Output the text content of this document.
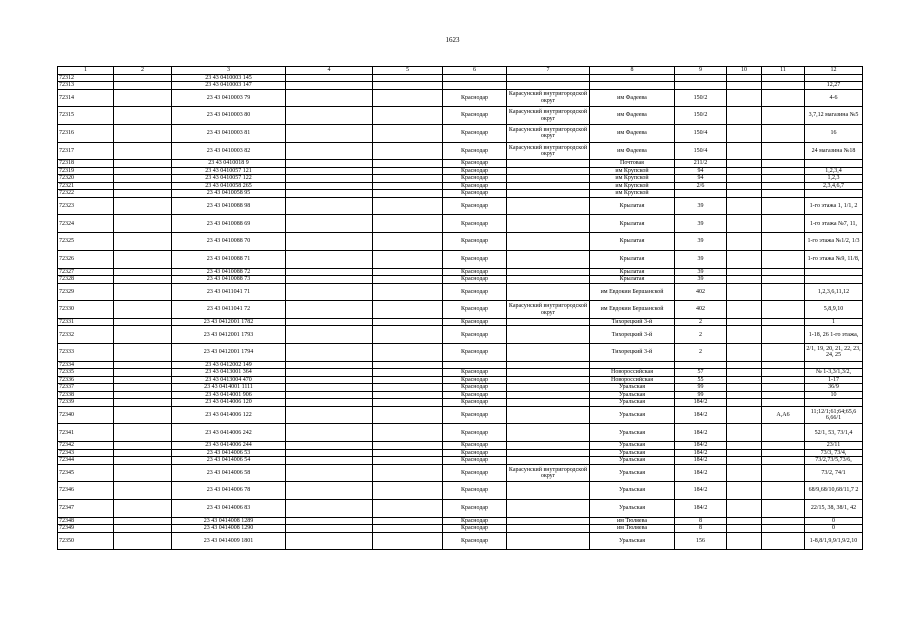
1623
1	2	3	4	5	6	7	8	9	10	11	12
72312		23 43 0410003 145									
72313		23 43 0410003 147									12,27
72314		23 43 0410003 79			Краснодар	Карасунский внутригородской округ	им Фадеева	150/2			4-6
72315		23 43 0410003 80			Краснодар	Карасунский внутригородской округ	им Фадеева	150/2			3,7,12 магазина №5
72316		23 43 0410003 81			Краснодар	Карасунский внутригородской округ	им Фадеева	150/4			16
72317		23 43 0410003 82			Краснодар	Карасунский внутригородской округ	им Фадеева	150/4			24 магазина №18
72318		23 43 0410018 9			Краснодар		Почтовая	211/2			
72319		23 43 0410057 121			Краснодар		им Крупской	94			1,2,3,4
72320		23 43 0410057 122			Краснодар		им Крупской	94			1,2,3
72321		23 43 0410058 265			Краснодар		им Крупской	2/6			2,3,4,6,7
72322		23 43 0410058 95			Краснодар		им Крупской				
72323		23 43 0410088 98			Краснодар		Крылатая	39			1-го этажа 1, 1/1, 2
72324		23 43 0410088 69			Краснодар		Крылатая	39			1-го этажа №7, 11,
72325		23 43 0410088 70			Краснодар		Крылатая	39			1-го этажа №1/2, 1/3
72326		23 43 0410088 71			Краснодар		Крылатая	39			1-го этажа №9, 11/8,
72327		23 43 0410088 72			Краснодар		Крылатая	39			
72328		23 43 0410088 73			Краснодар		Крылатая	39			
72329		23 43 0411041 71			Краснодар		им Евдокии Бершанской	402			1,2,3,6,11,12
72330		23 43 0411041 72			Краснодар	Карасунский внутригородской округ	им Евдокии Бершанской	402			5,8,9,10
72331		23 43 0412001 1782			Краснодар		Тихорецкий 3-й	2			1
72332		23 43 0412001 1793			Краснодар		Тихорецкий 3-й	2			1-18, 26 1-го этажа,
72333		23 43 0412001 1794			Краснодар		Тихорецкий 3-й	2			2/1, 19, 20, 21, 22, 23, 24, 25
72334		23 43 0412002 149									
72335		23 43 0413001 364			Краснодар		Новороссийская	57			№ 1-3,3/1,3/2,
72336		23 43 0413004 470			Краснодар		Новороссийская	55			1-17
72337		23 43 0414001 1111			Краснодар		Уральская	99			36/9
72338		23 43 0414001 906			Краснодар		Уральская	99			10
72339		23 43 0414006 120			Краснодар		Уральская	184/2			
72340		23 43 0414006 122			Краснодар		Уральская	184/2		А,А6	11;12/1;61;64;65,6 6,66/1
72341		23 43 0414006 242			Краснодар		Уральская	184/2			52/1, 53, 73/1,4
72342		23 43 0414006 244			Краснодар		Уральская	184/2			23/11
72343		23 43 0414006 53			Краснодар		Уральская	184/2			73/3, 73/4,
72344		23 43 0414006 54			Краснодар		Уральская	184/2			73/2,73/5,73/6,
72345		23 43 0414006 58			Краснодар	Карасунский внутригородской округ	Уральская	184/2			73/2, 74/1
72346		23 43 0414006 78			Краснодар		Уральская	184/2			68/9,68/10,68/11,7 2
72347		23 43 0414006 83			Краснодар		Уральская	184/2			22/15, 38, 38/1, 42
72348		23 43 0414008 1289			Краснодар		им Тюляева	8			0
72349		23 43 0414008 1290			Краснодар		им Тюляева	8			0
72350		23 43 0414009 1801			Краснодар		Уральская	156			1-8,8/1,9,9/1,9/2,10
